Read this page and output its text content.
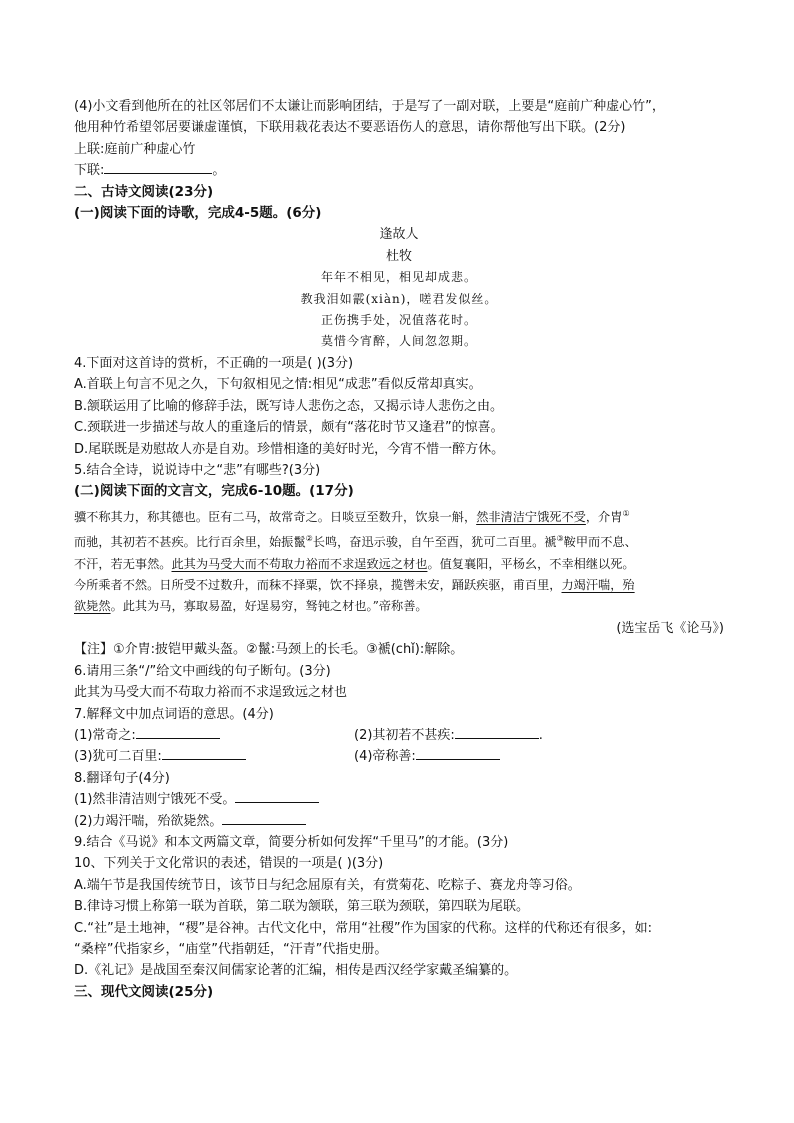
(4)小文看到他所在的社区邻居们不太谦让而影响团结，于是写了一副对联，上要是“庭前广种虚心竹”，
他用种竹希望邻居要谦虚谨慎，下联用栽花表达不要恶语伤人的意思，请你帮他写出下联。(2分)
上联:庭前广种虚心竹
下联:	。
二、古诗文阅读(23分)
(一)阅读下面的诗歌，完成4-5题。(6分)
逢故人
杜牧
年年不相见，相见却成悲。
教我泪如霰(xiàn)，嗟君发似丝。
正伤携手处，况值落花时。
莫惜今宵醉，人间忽忽期。
4.下面对这首诗的赏析，不正确的一项是( )(3分)
A.首联上句言不见之久，下句叙相见之情:相见“成悲”看似反常却真实。
B.颔联运用了比喻的修辞手法，既写诗人悲伤之态，又揭示诗人悲伤之由。
C.颈联进一步描述与故人的重逢后的情景，颇有“落花时节又逢君”的惊喜。
D.尾联既是劝慰故人亦是自劝。珍惜相逢的美好时光，今宵不惜一醉方休。
5.结合全诗，说说诗中之“悲”有哪些?(3分)
(二)阅读下面的文言文，完成6-10题。(17分)
骥不称其力，称其德也。臣有二马，故常奇之。日啖豆至数升，饮泉一斛，然非清洁宁饿死不受，介胄①
而驰，其初若不甚疾。比行百余里，始振鬣②长鸣，奋迅示骏，自午至酉，犹可二百里。褫③鞍甲而不息、
不汗，若无事然。此其为马受大而不苟取力裕而不求逞致远之材也。值复襄阳，平杨幺，不幸相继以死。
今所乘者不然。日所受不过数升，而秣不择粟，饮不择泉，揽辔未安，踊跃疾驱，甫百里，力竭汗喘，殆
欲毙然。此其为马，寡取易盈，好逞易穷，驽钝之材也。”帝称善。
(选宝岳飞《论马》)
【注】①介胄:披铠甲戴头盔。②鬣:马颈上的长毛。③褫(chǐ):解除。
6.请用三条“/”给文中画线的句子断句。(3分)
此其为马受大而不苟取力裕而不求逞致远之材也
7.解释文中加点词语的意思。(4分)
(1)常奇之:	(2)其初若不甚疾:	.
(3)犹可二百里:	(4)帝称善:
8.翻译句子(4分)
(1)然非清洁则宁饿死不受。
(2)力竭汗喘，殆欲毙然。
9.结合《马说》和本文两篇文章，简要分析如何发挥“千里马”的才能。(3分)
10、下列关于文化常识的表述，错误的一项是( )(3分)
A.端午节是我国传统节日，该节日与纪念屈原有关，有赏菊花、吃粽子、赛龙舟等习俗。
B.律诗习惯上称第一联为首联，第二联为颔联，第三联为颈联，第四联为尾联。
C.“社”是土地神，“稷”是谷神。古代文化中，常用“社稷”作为国家的代称。这样的代称还有很多，如:
“桑梓”代指家乡，“庙堂”代指朝廷，“汗青”代指史册。
D.《礼记》是战国至秦汉间儒家论著的汇编，相传是西汉经学家戴圣编纂的。
三、现代文阅读(25分)
